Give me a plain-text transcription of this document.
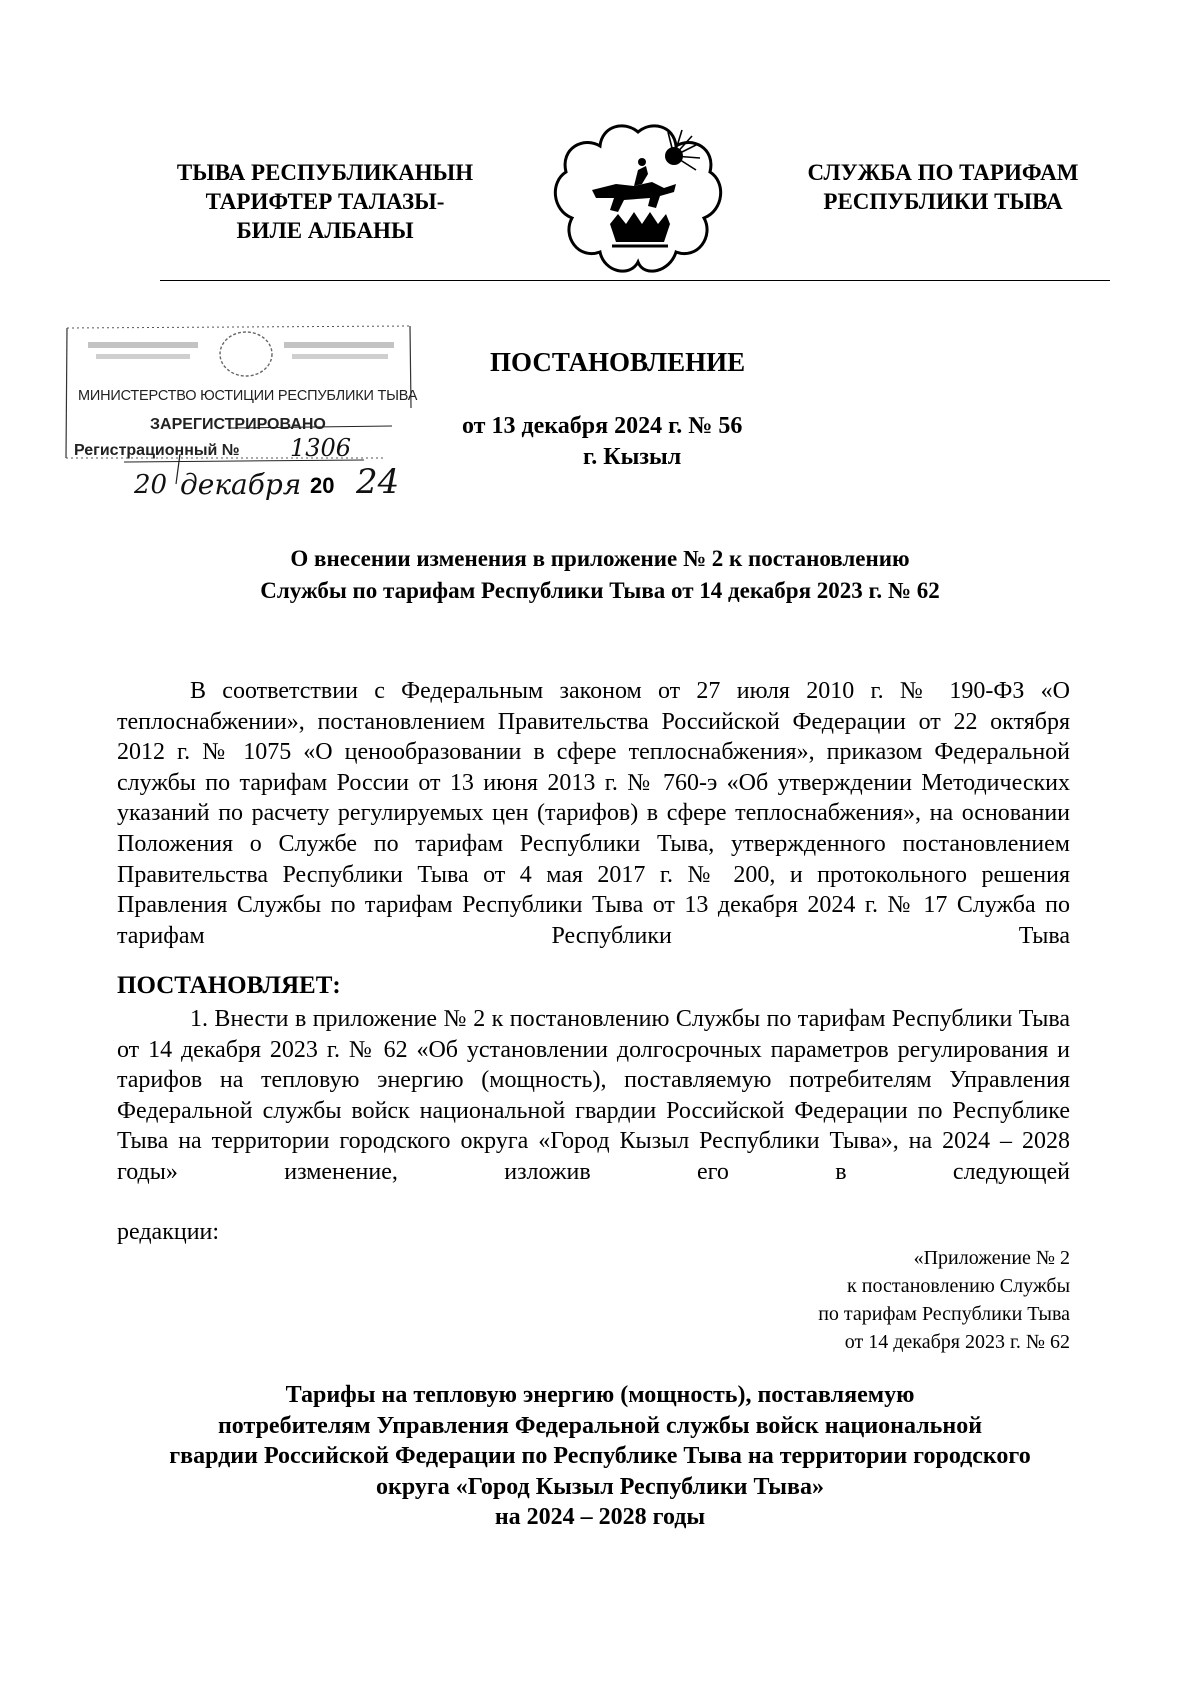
ТЫВА РЕСПУБЛИКАНЫН
ТАРИФТЕР ТАЛАЗЫ-
БИЛЕ АЛБАНЫ
СЛУЖБА ПО ТАРИФАМ
РЕСПУБЛИКИ ТЫВА
МИНИСТЕРСТВО ЮСТИЦИИ РЕСПУБЛИКИ ТЫВА
ЗАРЕГИСТРИРОВАНО
Регистрационный № 1306
20 декабря 20 24
ПОСТАНОВЛЕНИЕ
от 13 декабря 2024 г. № 56
г. Кызыл
О внесении изменения в приложение № 2 к постановлению
Службы по тарифам Республики Тыва от 14 декабря 2023 г. № 62
В соответствии с Федеральным законом от 27 июля 2010 г. № 190-ФЗ «О теплоснабжении», постановлением Правительства Российской Федерации от 22 октября 2012 г. № 1075 «О ценообразовании в сфере теплоснабжения», приказом Федеральной службы по тарифам России от 13 июня 2013 г. № 760-э «Об утверждении Методических указаний по расчету регулируемых цен (тарифов) в сфере теплоснабжения», на основании Положения о Службе по тарифам Республики Тыва, утвержденного постановлением Правительства Республики Тыва от 4 мая 2017 г. № 200, и протокольного решения Правления Службы по тарифам Республики Тыва от 13 декабря 2024 г. № 17 Служба по тарифам Республики Тыва
ПОСТАНОВЛЯЕТ:
1. Внести в приложение № 2 к постановлению Службы по тарифам Республики Тыва от 14 декабря 2023 г. № 62 «Об установлении долгосрочных параметров регулирования и тарифов на тепловую энергию (мощность), поставляемую потребителям Управления Федеральной службы войск национальной гвардии Российской Федерации по Республике Тыва на территории городского округа «Город Кызыл Республики Тыва», на 2024 – 2028 годы» изменение, изложив его в следующей
редакции:
«Приложение № 2
к постановлению Службы
по тарифам Республики Тыва
от 14 декабря 2023 г. № 62
Тарифы на тепловую энергию (мощность), поставляемую
потребителям Управления Федеральной службы войск национальной
гвардии Российской Федерации по Республике Тыва на территории городского
округа «Город Кызыл Республики Тыва»
на 2024 – 2028 годы
